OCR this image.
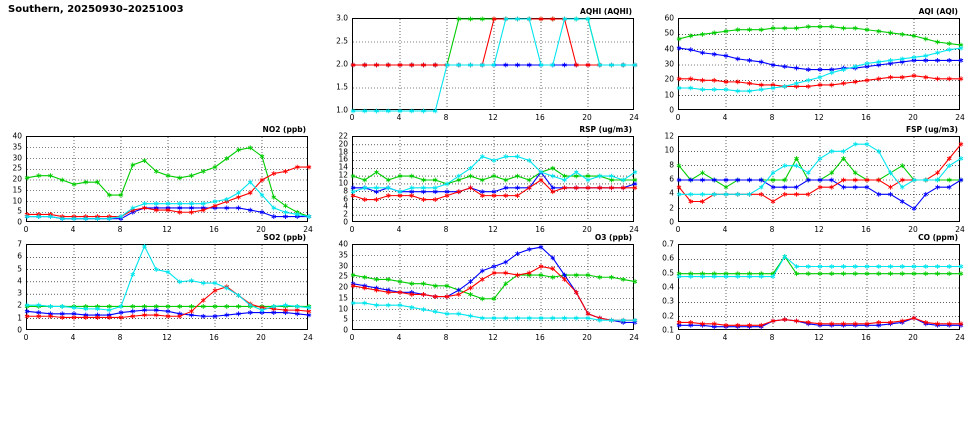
Southern, 20250930–20251003
1.0
1.5
2.0
2.5
3.0
0	4	8	12	16	20	24
AQHI (AQHI)
0
10
20
30
40
50
60
0	4	8	12	16	20	24
AQI (AQI)
0
5
10
15
20
25
30
35
40
0	4	8	12	16	20	24
NO2 (ppb)
0
2
4
6
8
10
12
14
16
18
20
22
0	4	8	12	16	20	24
RSP (ug/m3)
0
2
4
6
8
10
12
0	4	8	12	16	20	24
FSP (ug/m3)
0
1
2
3
4
5
6
7
0	4	8	12	16	20	24
SO2 (ppb)
0
5
10
15
20
25
30
35
40
0	4	8	12	16	20	24
O3 (ppb)
0.1
0.2
0.3
0.4
0.5
0.6
0.7
0	4	8	12	16	20	24
CO (ppm)
